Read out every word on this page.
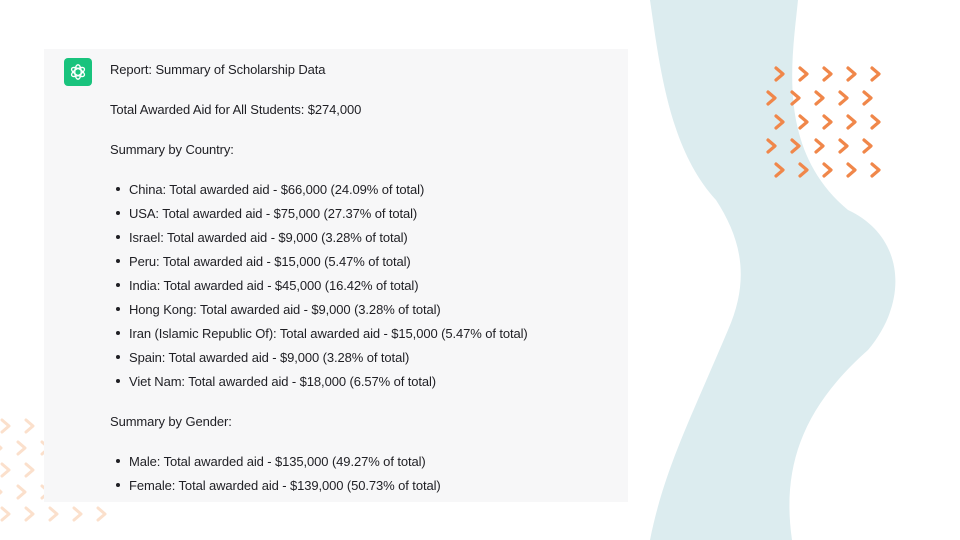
Report: Summary of Scholarship Data
Total Awarded Aid for All Students: $274,000
Summary by Country:
China: Total awarded aid - $66,000 (24.09% of total)
USA: Total awarded aid - $75,000 (27.37% of total)
Israel: Total awarded aid - $9,000 (3.28% of total)
Peru: Total awarded aid - $15,000 (5.47% of total)
India: Total awarded aid - $45,000 (16.42% of total)
Hong Kong: Total awarded aid - $9,000 (3.28% of total)
Iran (Islamic Republic Of): Total awarded aid - $15,000 (5.47% of total)
Spain: Total awarded aid - $9,000 (3.28% of total)
Viet Nam: Total awarded aid - $18,000 (6.57% of total)
Summary by Gender:
Male: Total awarded aid - $135,000 (49.27% of total)
Female: Total awarded aid - $139,000 (50.73% of total)
